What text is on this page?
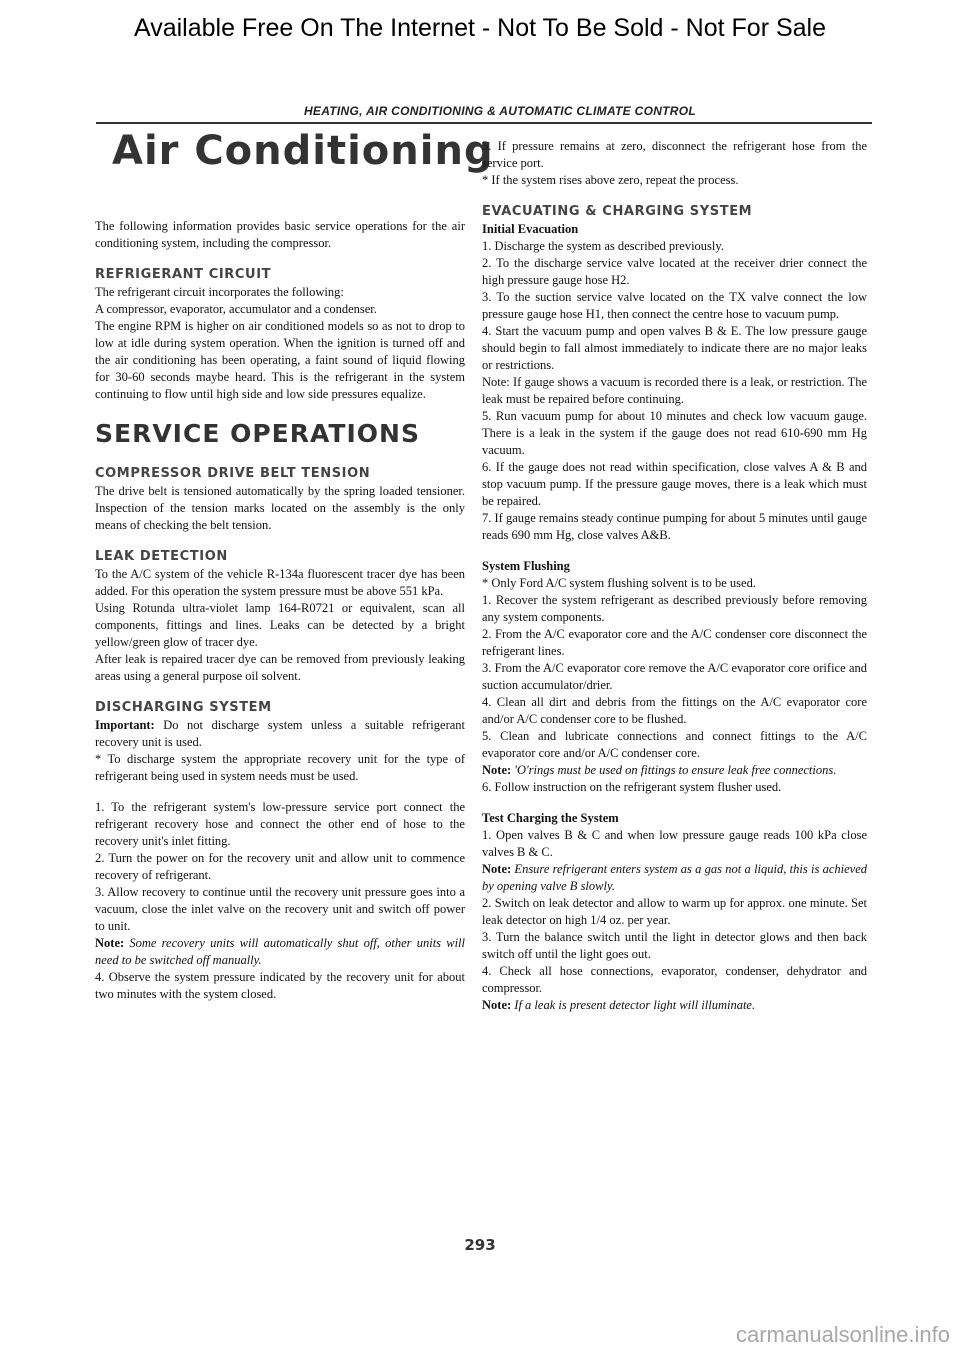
Available Free On The Internet - Not To Be Sold - Not For Sale
HEATING, AIR CONDITIONING & AUTOMATIC CLIMATE CONTROL
Air Conditioning

The following information provides basic service operations for the air conditioning system, including the compressor.

REFRIGERANT CIRCUIT

The refrigerant circuit incorporates the following:

A compressor, evaporator, accumulator and a condenser.

The engine RPM is higher on air conditioned models so as not to drop to low at idle during system operation. When the ignition is turned off and the air conditioning has been operating, a faint sound of liquid flowing for 30-60 seconds maybe heard. This is the refrigerant in the system continuing to flow until high side and low side pressures equalize.

SERVICE OPERATIONS
COMPRESSOR DRIVE BELT TENSION

The drive belt is tensioned automatically by the spring loaded tensioner. Inspection of the tension marks located on the assembly is the only means of checking the belt tension.

LEAK DETECTION

To the A/C system of the vehicle R-134a fluorescent tracer dye has been added. For this operation the system pressure must be above 551 kPa.

Using Rotunda ultra-violet lamp 164-R0721 or equivalent, scan all components, fittings and lines. Leaks can be detected by a bright yellow/green glow of tracer dye.

After leak is repaired tracer dye can be removed from previously leaking areas using a general purpose oil solvent.

DISCHARGING SYSTEM

Important: Do not discharge system unless a suitable refrigerant recovery unit is used.

* To discharge system the appropriate recovery unit for the type of refrigerant being used in system needs must be used.

1. To the refrigerant system's low-pressure service port connect the refrigerant recovery hose and connect the other end of hose to the recovery unit's inlet fitting.

2. Turn the power on for the recovery unit and allow unit to commence recovery of refrigerant.

3. Allow recovery to continue until the recovery unit pressure goes into a vacuum, close the inlet valve on the recovery unit and switch off power to unit.

Note: Some recovery units will automatically shut off, other units will need to be switched off manually.

4. Observe the system pressure indicated by the recovery unit for about two minutes with the system closed.

5. If pressure remains at zero, disconnect the refrigerant hose from the service port.

* If the system rises above zero, repeat the process.

EVACUATING & CHARGING SYSTEM
Initial Evacuation

1. Discharge the system as described previously.

2. To the discharge service valve located at the receiver drier connect the high pressure gauge hose H2.

3. To the suction service valve located on the TX valve connect the low pressure gauge hose H1, then connect the centre hose to vacuum pump.

4. Start the vacuum pump and open valves B & E. The low pressure gauge should begin to fall almost immediately to indicate there are no major leaks or restrictions.

Note: If gauge shows a vacuum is recorded there is a leak, or restriction. The leak must be repaired before continuing.

5. Run vacuum pump for about 10 minutes and check low vacuum gauge. There is a leak in the system if the gauge does not read 610-690 mm Hg vacuum.

6. If the gauge does not read within specification, close valves A & B and stop vacuum pump. If the pressure gauge moves, there is a leak which must be repaired.

7. If gauge remains steady continue pumping for about 5 minutes until gauge reads 690 mm Hg, close valves A&B.

System Flushing

* Only Ford A/C system flushing solvent is to be used.

1. Recover the system refrigerant as described previously before removing any system components.

2. From the A/C evaporator core and the A/C condenser core disconnect the refrigerant lines.

3. From the A/C evaporator core remove the A/C evaporator core orifice and suction accumulator/drier.

4. Clean all dirt and debris from the fittings on the A/C evaporator core and/or A/C condenser core to be flushed.

5. Clean and lubricate connections and connect fittings to the A/C evaporator core and/or A/C condenser core.

Note: 'O'rings must be used on fittings to ensure leak free connections.

6. Follow instruction on the refrigerant system flusher used.

Test Charging the System

1. Open valves B & C and when low pressure gauge reads 100 kPa close valves B & C.

Note: Ensure refrigerant enters system as a gas not a liquid, this is achieved by opening valve B slowly.

2. Switch on leak detector and allow to warm up for approx. one minute. Set leak detector on high 1/4 oz. per year.

3. Turn the balance switch until the light in detector glows and then back switch off until the light goes out.

4. Check all hose connections, evaporator, condenser, dehydrator and compressor.

Note: If a leak is present detector light will illuminate.

293
carmanualsonline.info
